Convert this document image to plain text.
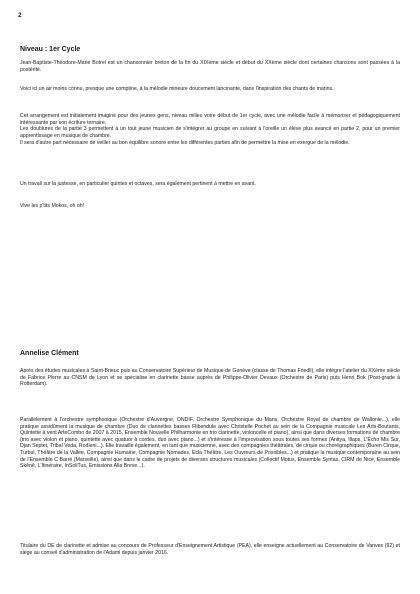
2
Niveau : 1er Cycle

Jean-Baptiste-Théodore-Marie Botrel est un chansonnier breton de la fin du XIXème siècle et début du XXème siècle dont certaines chansons sont passées à la postérité.

Voici ici un air moins connu, presque une comptine, à la mélodie mineure doucement lancinante, dans l'inspiration des chants de marins.

Cet arrangement est initialement imaginé pour des jeunes gens, niveau milieu voire début de 1er cycle, avec une mélodie facile à mémoriser et pédagogiquement intéressante par son écriture ternaire.

Les doublures de la partie 3 permettent à un tout jeune musicien de s'intégrer au groupe en suivant à l'oreille un élève plus avancé en partie 2, pour un premier apprentissage en musique de chambre.

Il sera d'autre part nécessaire de veiller au bon équilibre sonore entre les différentes parties afin de permettre la mise en exergue de la mélodie.

Un travail sur la justesse, en particulier quintes et octaves, sera également pertinent à mettre en avant.

Vive les p'tits Mokos, oh oh!

Annelise Clément

Après des études musicales à Saint-Brieuc puis au Conservatoire Supérieur de Musique de Genève (classe de Thomas Friedli), elle intègre l'atelier du XXème siècle de Fabrice Pierre au CNSM de Lyon et se spécialise en clarinette basse auprès de Philippe-Olivier Devaux (Orchestre de Paris) puis Henri Bok (Post-grade à Rotterdam).

Parallèlement à l'orchestre symphonique (Orchestre d'Auvergne, ONDIF, Orchestre Symphonique du Mans, Orchestre Royal de chambre de Wallonie...), elle pratique assidûment la musique de chambre (Duo de clarinettes basses Flibendule avec Christelle Pochet au sein de la Compagnie musicale Les Arts-Boutants, Quintette à vent ArteCombo de 2007 à 2015, Ensemble Nouvelle Philharmonie en trio clarinette, violoncelle et piano), ainsi que dans diverses formations de chambre (trio avec violon et piano, quintette avec quatuor à cordes, duo avec piano...) et s'intéresse à l'improvisation sous toutes ses formes (Anitya, Illaps, L'Écho Mis Sur, Djan Septet, Tribal Veda, Rodieni...). Elle travaille également, en tant que musicienne, avec des compagnies théâtrales, de cirque ou chorégraphiques (Buren Cirque, Turbul, Théâtre de la Vallée, Compagnie Humaine, Compagnie Nomades, Ecla Théâtre, Les Ouvreurs de Possibles...) et pratique la musique contemporaine au sein de l'Ensemble C Barré (Marseille), ainsi que dans le cadre de projets de diverses structures musicales (Collectif Motus, Ensemble Syntax, CIRM de Nice, Ensemble Skênê, L'Itinéraire, InSoliTus, Emissions Alla Breve...).

Titulaire du DE de clarinette et admise au concours de Professeur d'Enseignement Artistique (PEA), elle enseigne actuellement au Conservatoire de Vanves (92) et siège au conseil d'administration de l'Adami depuis janvier 2016.
